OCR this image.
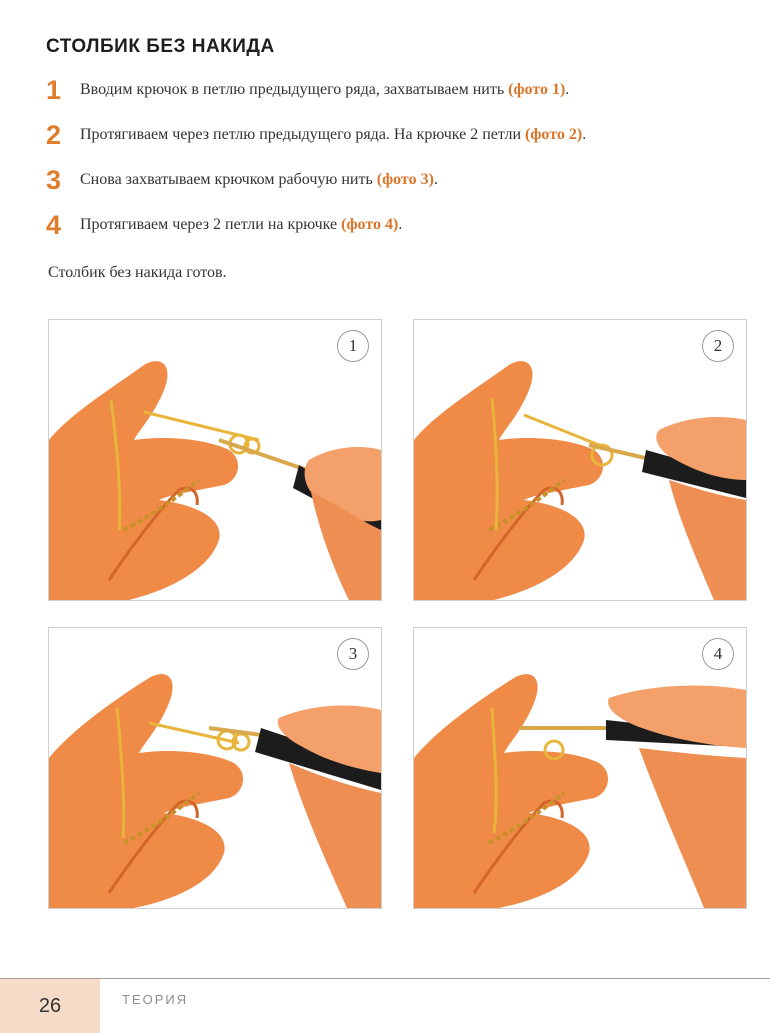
СТОЛБИК БЕЗ НАКИДА
1	Вводим крючок в петлю предыдущего ряда, захватываем нить (фото 1).
2	Протягиваем через петлю предыдущего ряда. На крючке 2 петли (фото 2).
3	Снова захватываем крючком рабочую нить (фото 3).
4	Протягиваем через 2 петли на крючке (фото 4).
Столбик без накида готов.
1	2
3	4
26	ТЕОРИЯ
